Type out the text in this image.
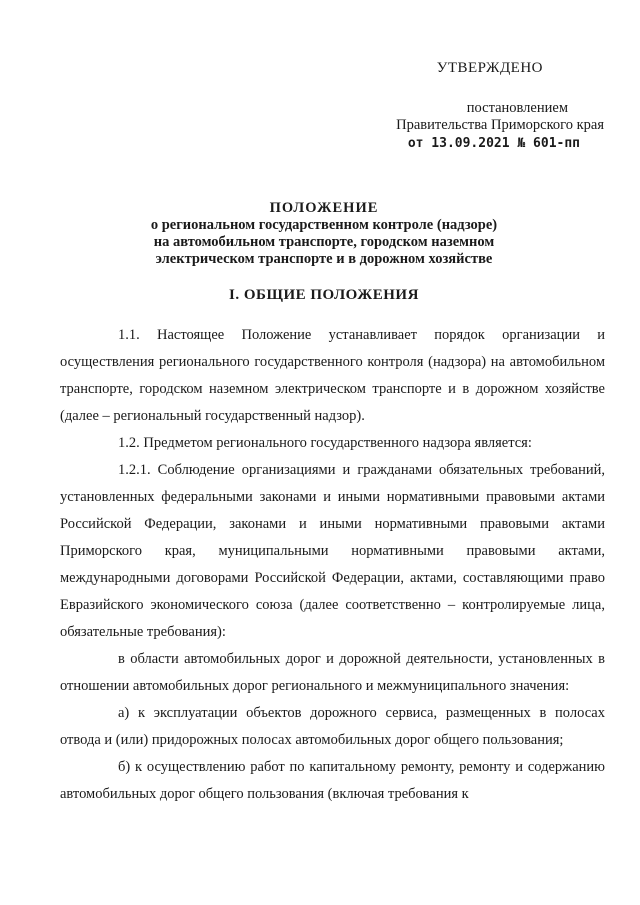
УТВЕРЖДЕНО
постановлением
Правительства Приморского края
от 13.09.2021 № 601-пп
ПОЛОЖЕНИЕ
о региональном государственном контроле (надзоре)
на автомобильном транспорте, городском наземном
электрическом транспорте и в дорожном хозяйстве
I. ОБЩИЕ ПОЛОЖЕНИЯ

1.1. Настоящее Положение устанавливает порядок организации и осуществления регионального государственного контроля (надзора) на автомобильном транспорте, городском наземном электрическом транспорте и в дорожном хозяйстве (далее – региональный государственный надзор).

1.2. Предметом регионального государственного надзора является:

1.2.1. Соблюдение организациями и гражданами обязательных требований, установленных федеральными законами и иными нормативными правовыми актами Российской Федерации, законами и иными нормативными правовыми актами Приморского края, муниципальными нормативными правовыми актами, международными договорами Российской Федерации, актами, составляющими право Евразийского экономического союза (далее соответственно – контролируемые лица, обязательные требования):

в области автомобильных дорог и дорожной деятельности, установленных в отношении автомобильных дорог регионального и межмуниципального значения:

а) к эксплуатации объектов дорожного сервиса, размещенных в полосах отвода и (или) придорожных полосах автомобильных дорог общего пользования;

б) к осуществлению работ по капитальному ремонту, ремонту и содержанию автомобильных дорог общего пользования (включая требования к
